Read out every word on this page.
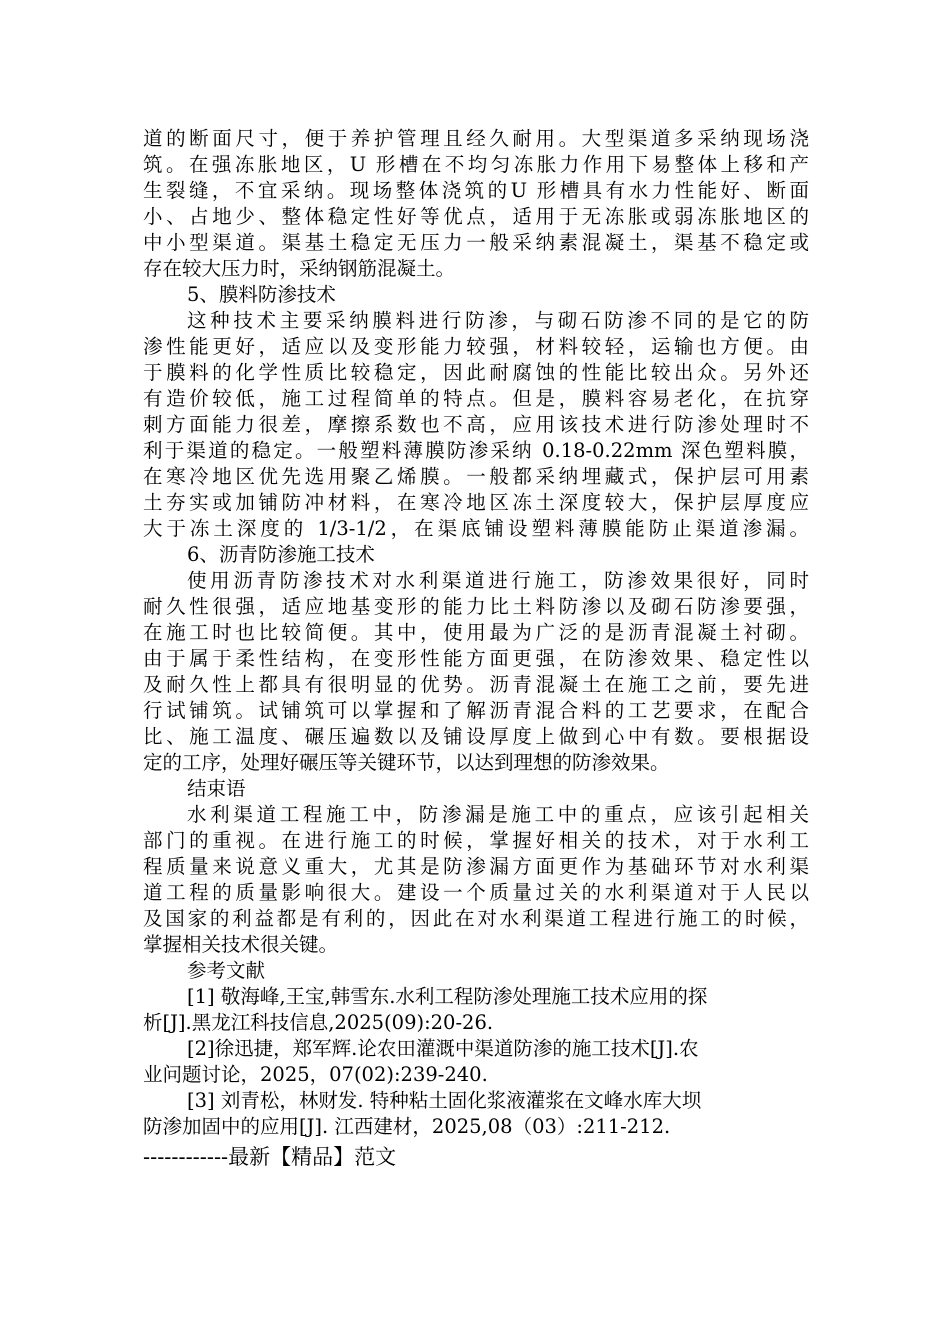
道的断面尺寸，便于养护管理且经久耐用。大型渠道多采纳现场浇
筑。在强冻胀地区，U 形槽在不均匀冻胀力作用下易整体上移和产
生裂缝，不宜采纳。现场整体浇筑的U 形槽具有水力性能好、断面
小、占地少、整体稳定性好等优点，适用于无冻胀或弱冻胀地区的
中小型渠道。渠基土稳定无压力一般采纳素混凝土，渠基不稳定或
存在较大压力时，采纳钢筋混凝土。
5、膜料防渗技术
这种技术主要采纳膜料进行防渗，与砌石防渗不同的是它的防
渗性能更好，适应以及变形能力较强，材料较轻，运输也方便。由
于膜料的化学性质比较稳定，因此耐腐蚀的性能比较出众。另外还
有造价较低，施工过程简单的特点。但是，膜料容易老化，在抗穿
刺方面能力很差，摩擦系数也不高，应用该技术进行防渗处理时不
利于渠道的稳定。一般塑料薄膜防渗采纳 0.18-0.22mm 深色塑料膜，
在寒冷地区优先选用聚乙烯膜。一般都采纳埋藏式，保护层可用素
土夯实或加铺防冲材料，在寒冷地区冻土深度较大，保护层厚度应
大于冻土深度的 1/3-1/2，在渠底铺设塑料薄膜能防止渠道渗漏。
6、沥青防渗施工技术
使用沥青防渗技术对水利渠道进行施工，防渗效果很好，同时
耐久性很强，适应地基变形的能力比土料防渗以及砌石防渗要强，
在施工时也比较简便。其中，使用最为广泛的是沥青混凝土衬砌。
由于属于柔性结构，在变形性能方面更强，在防渗效果、稳定性以
及耐久性上都具有很明显的优势。沥青混凝土在施工之前，要先进
行试铺筑。试铺筑可以掌握和了解沥青混合料的工艺要求，在配合
比、施工温度、碾压遍数以及铺设厚度上做到心中有数。要根据设
定的工序，处理好碾压等关键环节，以达到理想的防渗效果。
结束语
水利渠道工程施工中，防渗漏是施工中的重点，应该引起相关
部门的重视。在进行施工的时候，掌握好相关的技术，对于水利工
程质量来说意义重大，尤其是防渗漏方面更作为基础环节对水利渠
道工程的质量影响很大。建设一个质量过关的水利渠道对于人民以
及国家的利益都是有利的，因此在对水利渠道工程进行施工的时候，
掌握相关技术很关键。
参考文献
[1] 敬海峰,王宝,韩雪东.水利工程防渗处理施工技术应用的探
析[J].黑龙江科技信息,2025(09):20-26.
[2]徐迅捷，郑军辉.论农田灌溉中渠道防渗的施工技术[J].农
业问题讨论，2025，07(02):239-240.
[3] 刘青松，林财发. 特种粘土固化浆液灌浆在文峰水库大坝
防渗加固中的应用[J]. 江西建材，2025,08（03）:211-212.
------------最新【精品】范文
